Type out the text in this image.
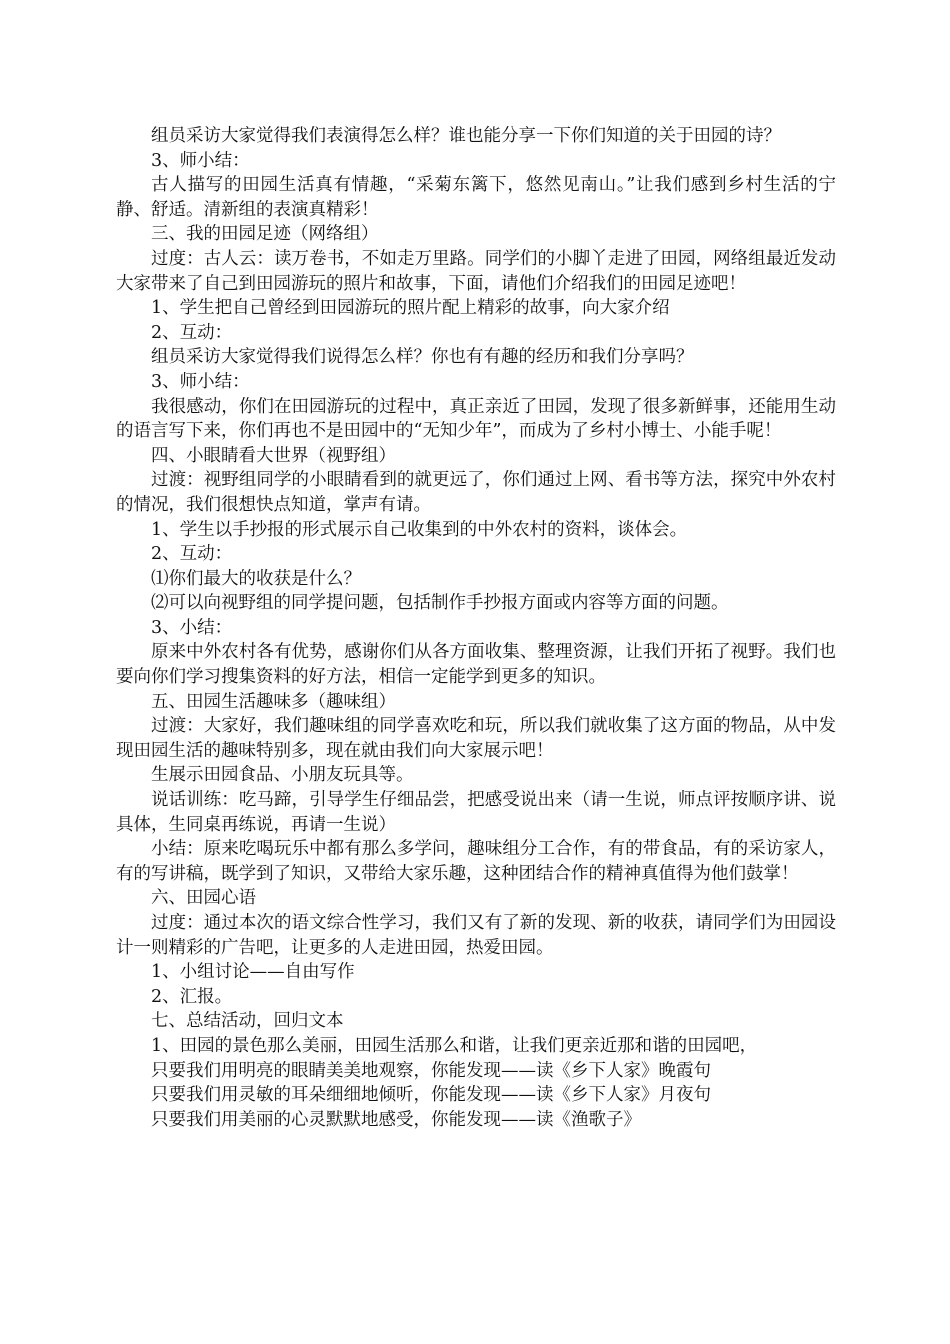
组员采访大家觉得我们表演得怎么样？谁也能分享一下你们知道的关于田园的诗？

3、师小结：

古人描写的田园生活真有情趣，“采菊东篱下，悠然见南山。”让我们感到乡村生活的宁静、舒适。清新组的表演真精彩！

三、我的田园足迹（网络组）

过度：古人云：读万卷书，不如走万里路。同学们的小脚丫走进了田园，网络组最近发动大家带来了自己到田园游玩的照片和故事，下面，请他们介绍我们的田园足迹吧！

1、学生把自己曾经到田园游玩的照片配上精彩的故事，向大家介绍

2、互动：

组员采访大家觉得我们说得怎么样？你也有有趣的经历和我们分享吗？

3、师小结：

我很感动，你们在田园游玩的过程中，真正亲近了田园，发现了很多新鲜事，还能用生动的语言写下来，你们再也不是田园中的“无知少年”，而成为了乡村小博士、小能手呢！

四、小眼睛看大世界（视野组）

过渡：视野组同学的小眼睛看到的就更远了，你们通过上网、看书等方法，探究中外农村的情况，我们很想快点知道，掌声有请。

1、学生以手抄报的形式展示自己收集到的中外农村的资料，谈体会。

2、互动：

⑴你们最大的收获是什么？

⑵可以向视野组的同学提问题，包括制作手抄报方面或内容等方面的问题。

3、小结：

原来中外农村各有优势，感谢你们从各方面收集、整理资源，让我们开拓了视野。我们也要向你们学习搜集资料的好方法，相信一定能学到更多的知识。

五、田园生活趣味多（趣味组）

过渡：大家好，我们趣味组的同学喜欢吃和玩，所以我们就收集了这方面的物品，从中发现田园生活的趣味特别多，现在就由我们向大家展示吧！

生展示田园食品、小朋友玩具等。

说话训练：吃马蹄，引导学生仔细品尝，把感受说出来（请一生说，师点评按顺序讲、说具体，生同桌再练说，再请一生说）

小结：原来吃喝玩乐中都有那么多学问，趣味组分工合作，有的带食品，有的采访家人，有的写讲稿，既学到了知识，又带给大家乐趣，这种团结合作的精神真值得为他们鼓掌！

六、田园心语

过度：通过本次的语文综合性学习，我们又有了新的发现、新的收获，请同学们为田园设计一则精彩的广告吧，让更多的人走进田园，热爱田园。

1、小组讨论——自由写作

2、汇报。

七、总结活动，回归文本

1、田园的景色那么美丽，田园生活那么和谐，让我们更亲近那和谐的田园吧，

只要我们用明亮的眼睛美美地观察，你能发现——读《乡下人家》晚霞句

只要我们用灵敏的耳朵细细地倾听，你能发现——读《乡下人家》月夜句

只要我们用美丽的心灵默默地感受，你能发现——读《渔歌子》
